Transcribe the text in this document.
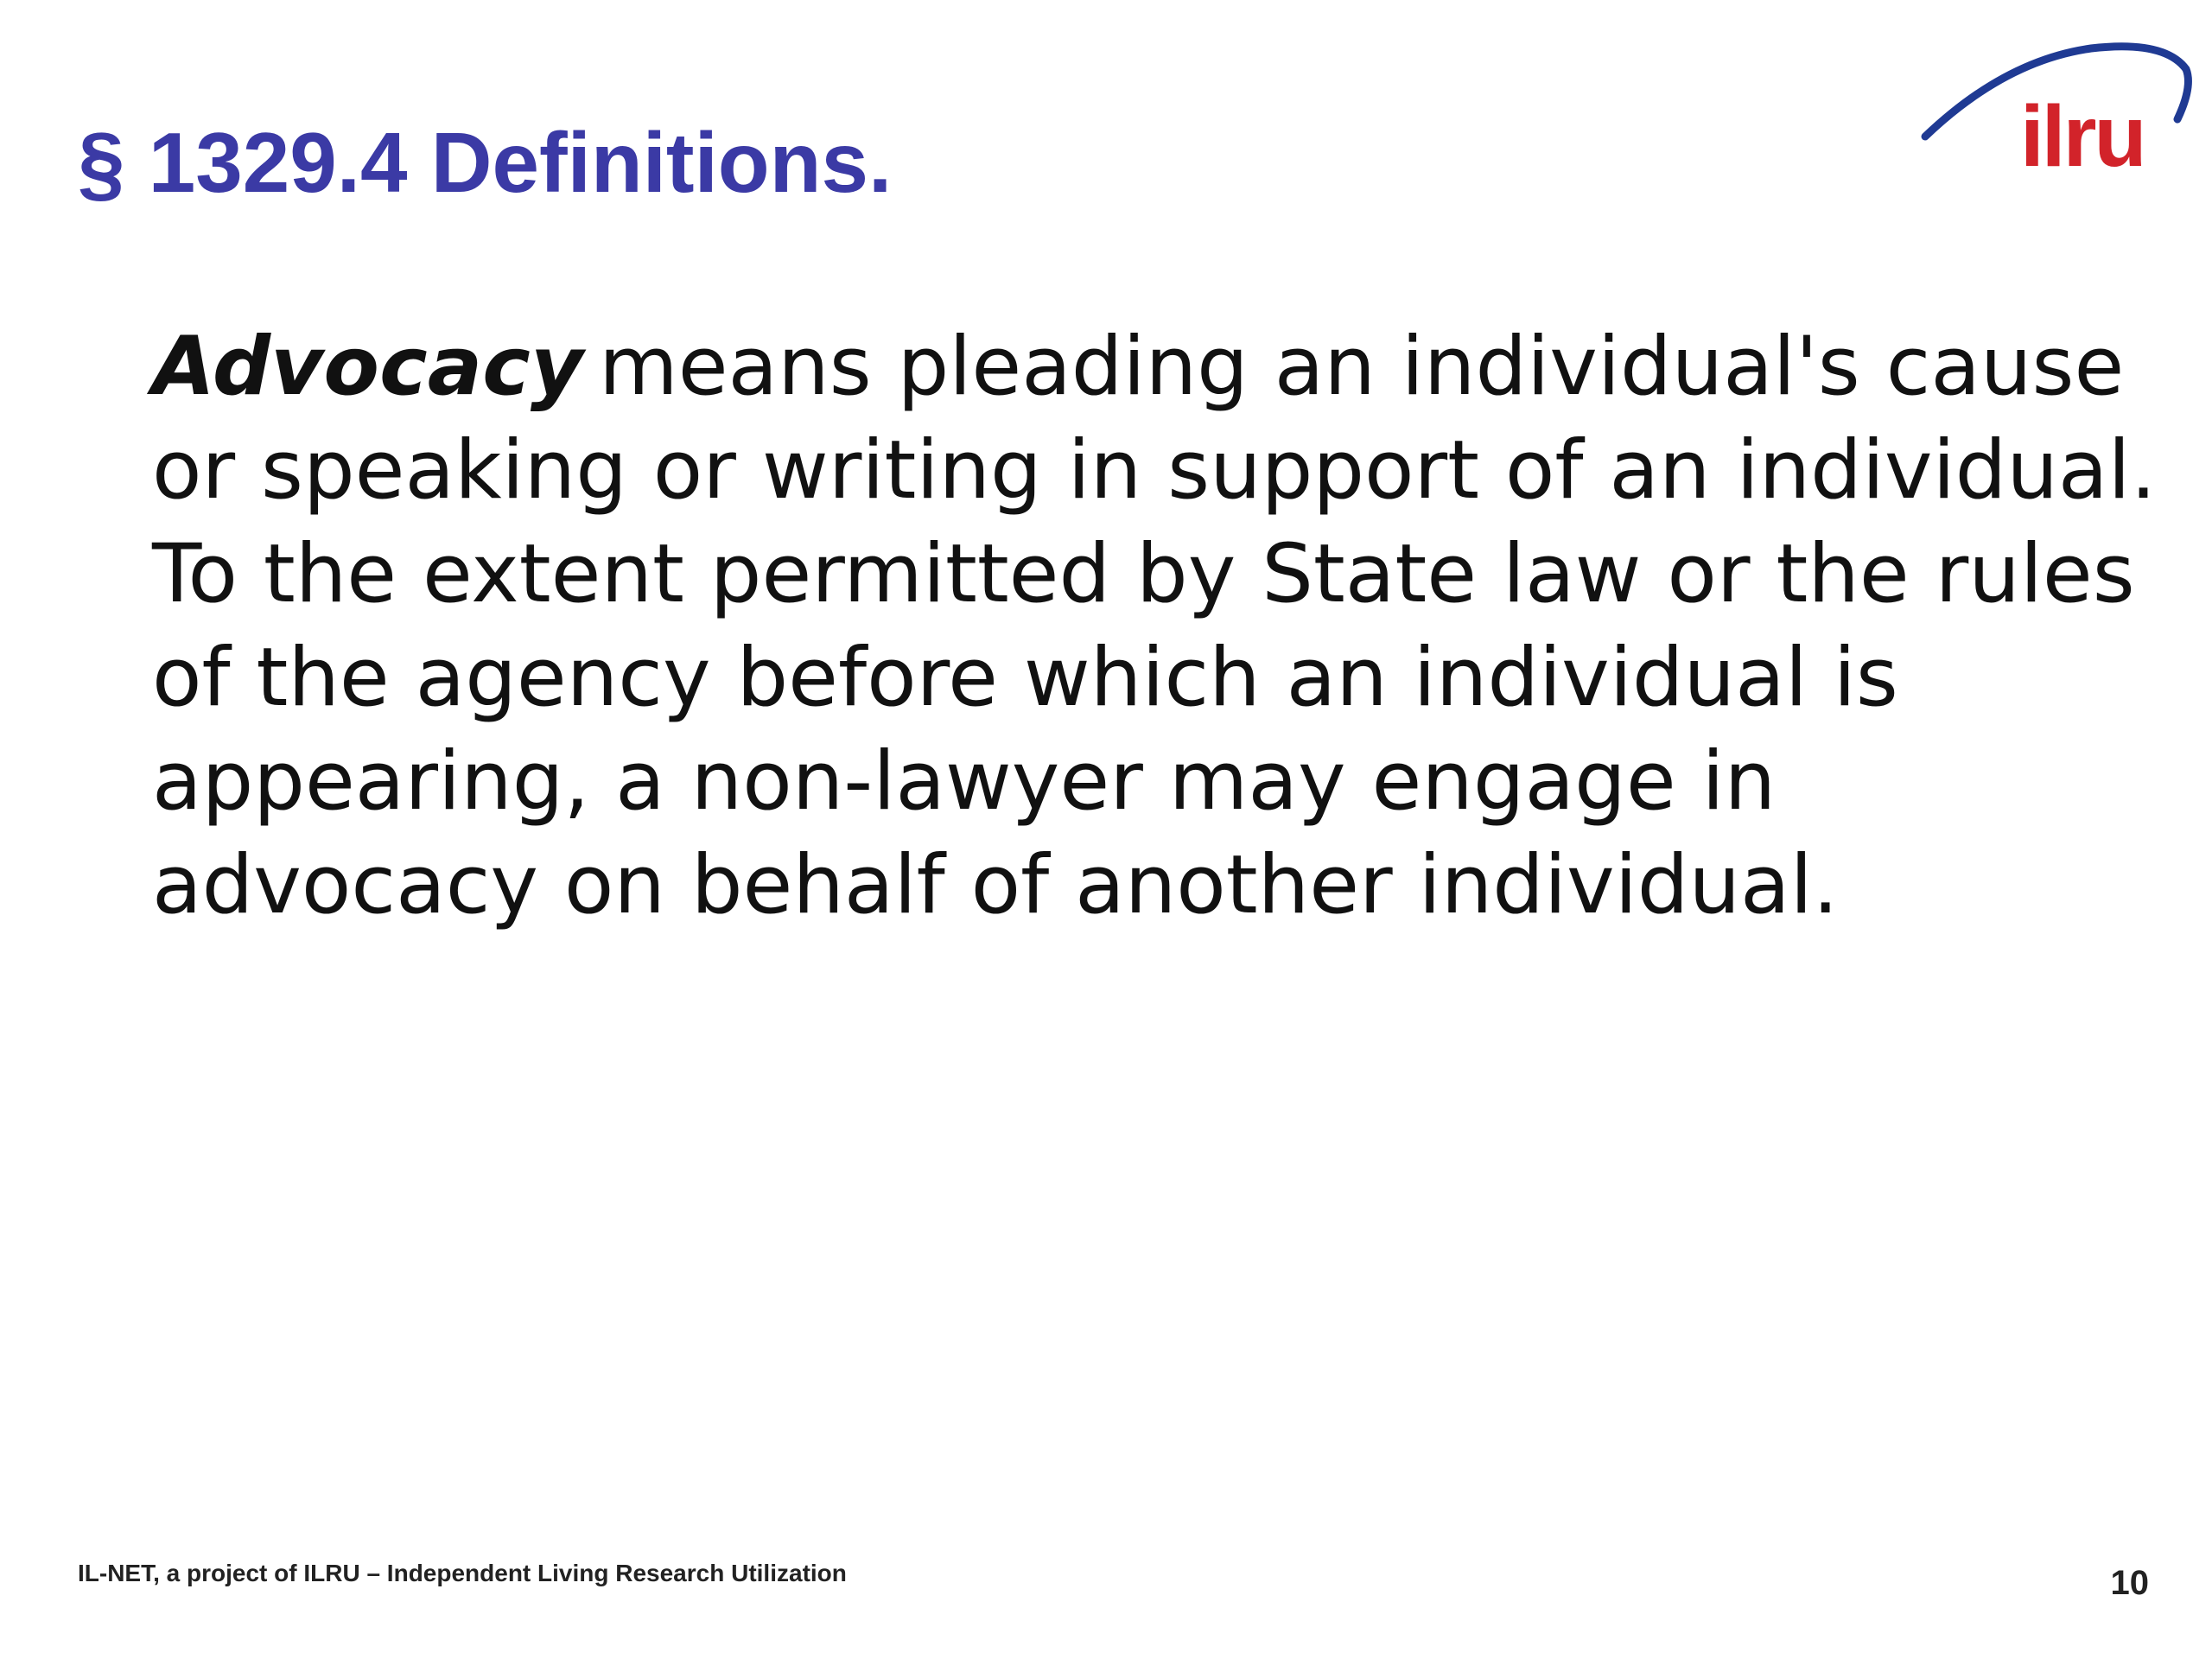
§ 1329.4 Definitions.	ilru

Advocacy means pleading an individual's cause or speaking or writing in support of an individual. To the extent permitted by State law or the rules of the agency before which an individual is appearing, a non-lawyer may engage in advocacy on behalf of another individual.

IL-NET, a project of ILRU – Independent Living Research Utilization	10
